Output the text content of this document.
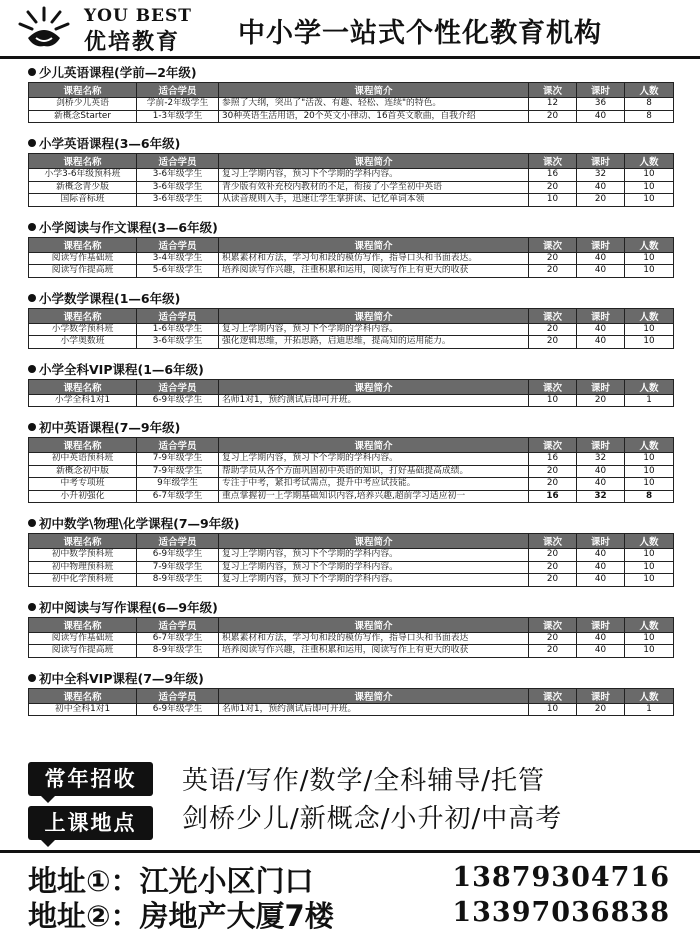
YOU BEST
优培教育 中小学一站式个性化教育机构
少儿英语课程(学前—2年级)
课程名称	适合学员	课程简介	课次	课时	人数
剑桥少儿英语	学前-2年级学生	参照了大纲，突出了"活泼、有趣、轻松、连续"的特色。	12	36	8
新概念Starter	1-3年级学生	30种英语生活用语，20个英文小律动、16首英文歌曲，自我介绍	20	40	8
小学英语课程(3—6年级)
课程名称	适合学员	课程简介	课次	课时	人数
小学3-6年级预科班	3-6年级学生	复习上学期内容，预习下个学期的学科内容。	16	32	10
新概念青少版	3-6年级学生	青少版有效补充校内教材的不足，衔接了小学至初中英语	20	40	10
国际音标班	3-6年级学生	从读音规则入手，迅速让学生掌拼读、记忆单词本领	10	20	10
小学阅读与作文课程(3—6年级)
课程名称	适合学员	课程简介	课次	课时	人数
阅读写作基础班	3-4年级学生	积累素材和方法，学习句和段的模仿写作，指导口头和书面表达。	20	40	10
阅读写作提高班	5-6年级学生	培养阅读写作兴趣，注重积累和运用，阅读写作上有更大的收获	20	40	10
小学数学课程(1—6年级)
课程名称	适合学员	课程简介	课次	课时	人数
小学数学预科班	1-6年级学生	复习上学期内容，预习下个学期的学科内容。	20	40	10
小学奥数班	3-6年级学生	强化逻辑思维，开拓思路，启迪思维，提高知的运用能力。	20	40	10
小学全科VIP课程(1—6年级)
课程名称	适合学员	课程简介	课次	课时	人数
小学全科1对1	6-9年级学生	名师1对1，预约测试后即可开班。	10	20	1
初中英语课程(7—9年级)
课程名称	适合学员	课程简介	课次	课时	人数
初中英语预科班	7-9年级学生	复习上学期内容，预习下个学期的学科内容。	16	32	10
新概念初中版	7-9年级学生	帮助学员从各个方面巩固初中英语的知识，打好基础提高成绩。	20	40	10
中考专项班	9年级学生	专注于中考，紧扣考试需点，提升中考应试技能。	20	40	10
小升初强化	6-7年级学生	重点掌握初一上学期基础知识内容,培养兴趣,超前学习适应初一	16	32	8
初中数学\物理\化学课程(7—9年级)
课程名称	适合学员	课程简介	课次	课时	人数
初中数学预科班	6-9年级学生	复习上学期内容，预习下个学期的学科内容。	20	40	10
初中物理预科班	7-9年级学生	复习上学期内容，预习下个学期的学科内容。	20	40	10
初中化学预科班	8-9年级学生	复习上学期内容，预习下个学期的学科内容。	20	40	10
初中阅读与写作课程(6—9年级)
课程名称	适合学员	课程简介	课次	课时	人数
阅读写作基础班	6-7年级学生	积累素材和方法，学习句和段的模仿写作，指导口头和书面表达	20	40	10
阅读写作提高班	8-9年级学生	培养阅读写作兴趣，注重积累和运用，阅读写作上有更大的收获	20	40	10
初中全科VIP课程(7—9年级)
课程名称	适合学员	课程简介	课次	课时	人数
初中全科1对1	6-9年级学生	名师1对1，预约测试后即可开班。	10	20	1
常年招收
上课地点
英语/写作/数学/全科辅导/托管
剑桥少儿/新概念/小升初/中高考
地址①：江光小区门口	13879304716
地址②：房地产大厦7楼	13397036838
